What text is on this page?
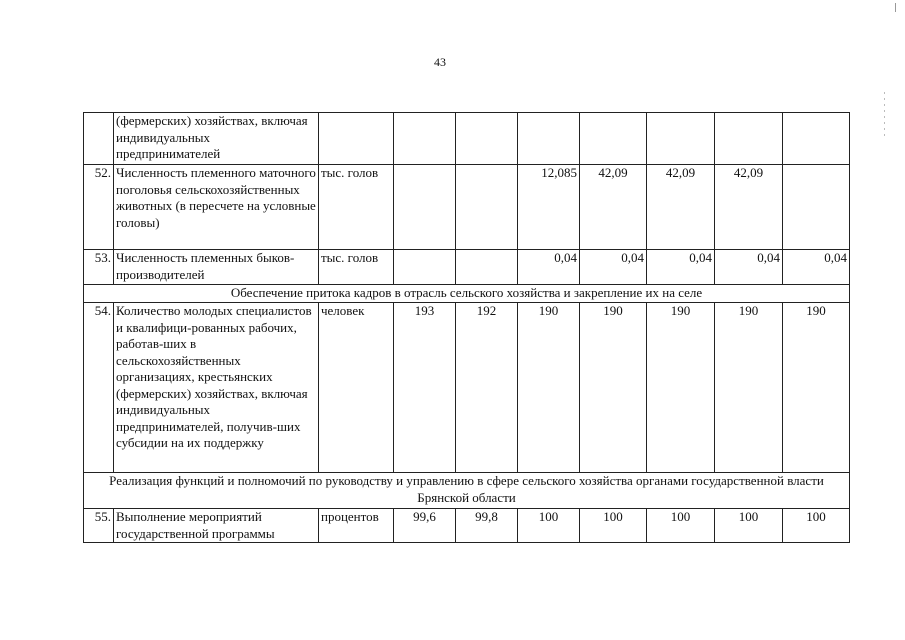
43
	(фермерских) хозяйствах, включая индивидуальных предпринимателей								
52.	Численность племенного маточного поголовья сельскохозяйственных животных (в пересчете на условные головы)	тыс. голов			12,085	42,09	42,09	42,09	
53.	Численность племенных быков-производителей	тыс. голов			0,04	0,04	0,04	0,04	0,04
Обеспечение притока кадров в отрасль сельского хозяйства и закрепление их на селе									
54.	Количество молодых специалистов и квалифици-рованных рабочих, работав-ших в сельскохозяйственных организациях, крестьянских (фермерских) хозяйствах, включая индивидуальных предпринимателей, получив-ших субсидии на их поддержку	человек	193	192	190	190	190	190	190
Реализация функций и полномочий по руководству и управлению в сфере сельского хозяйства органами государственной власти Брянской области									
55.	Выполнение мероприятий государственной программы	процентов	99,6	99,8	100	100	100	100	100
